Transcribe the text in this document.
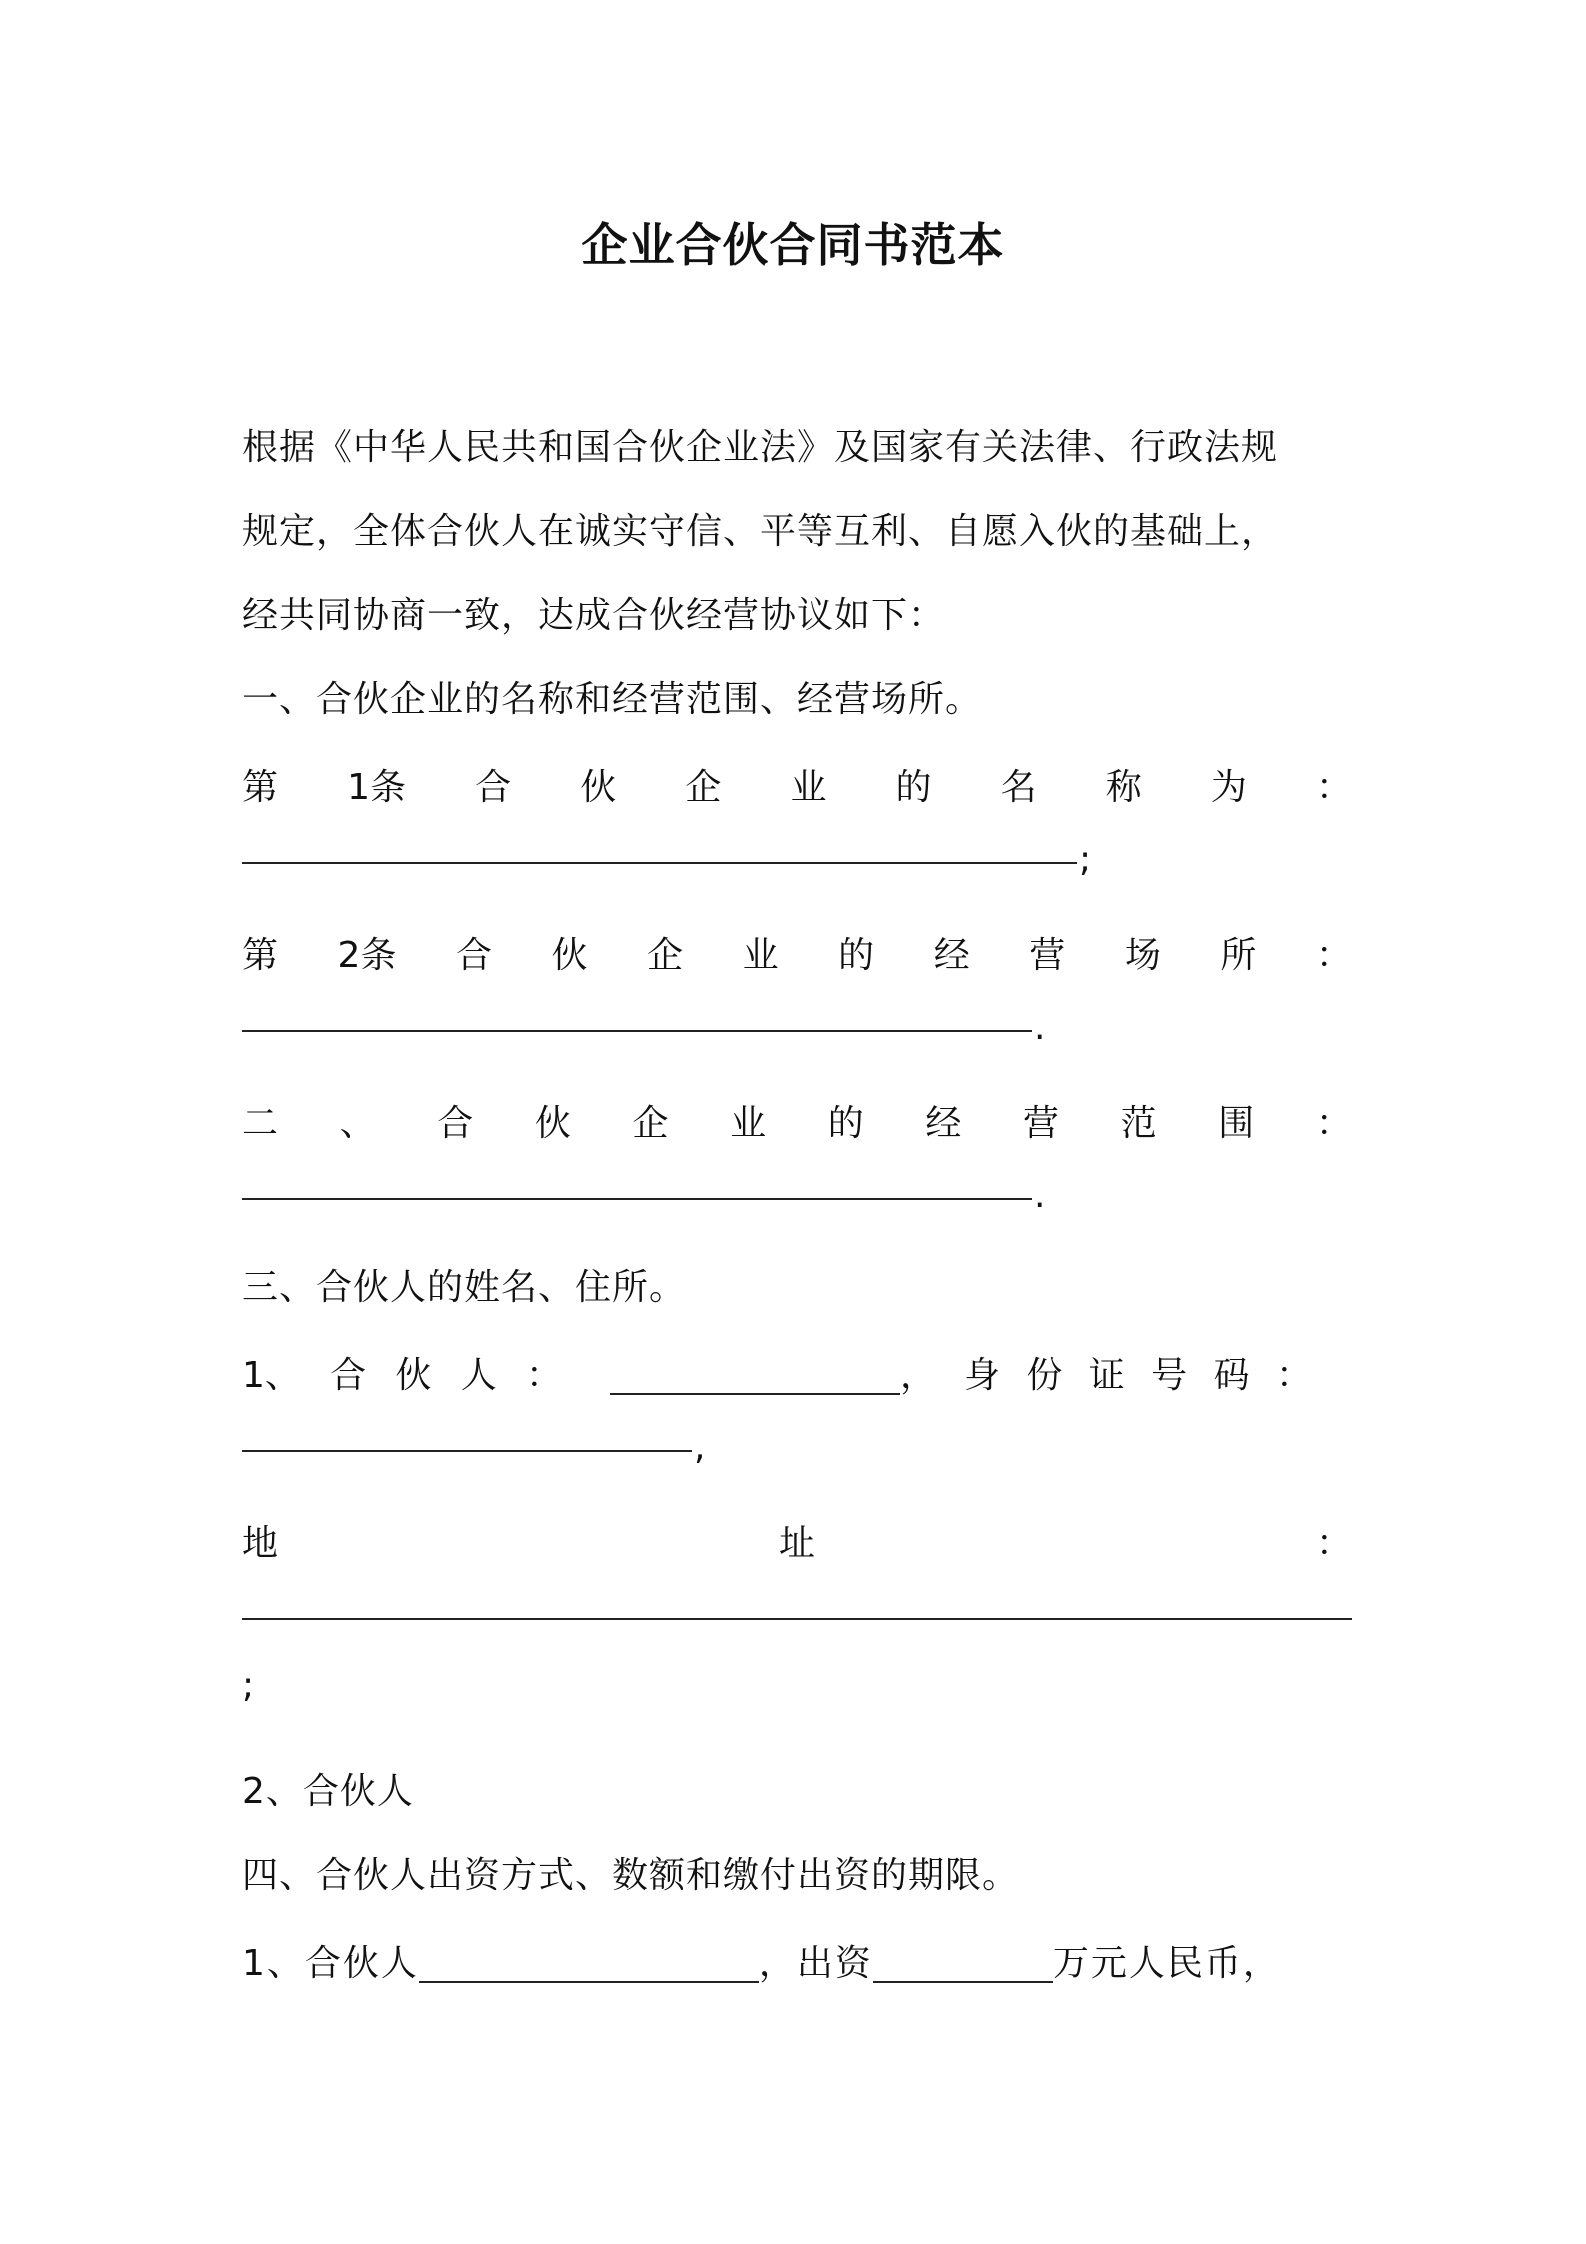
企业合伙合同书范本
根据《中华人民共和国合伙企业法》及国家有关法律、行政法规
规定，全体合伙人在诚实守信、平等互利、自愿入伙的基础上，
经共同协商一致，达成合伙经营协议如下：
一、合伙企业的名称和经营范围、经营场所。
第 1条 合 伙 企 业 的 名 称 为 ：
;
第 2条 合 伙 企 业 的 经 营 场 所 ：
.
二 、 合 伙 企 业 的 经 营 范 围 ：
.
三、合伙人的姓名、住所。
1、 合 伙 人 ：	， 身 份 证 号 码 ：
,
地	址	：
;
2、合伙人
四、合伙人出资方式、数额和缴付出资的期限。
1、合伙人	，出资	万元人民币，
